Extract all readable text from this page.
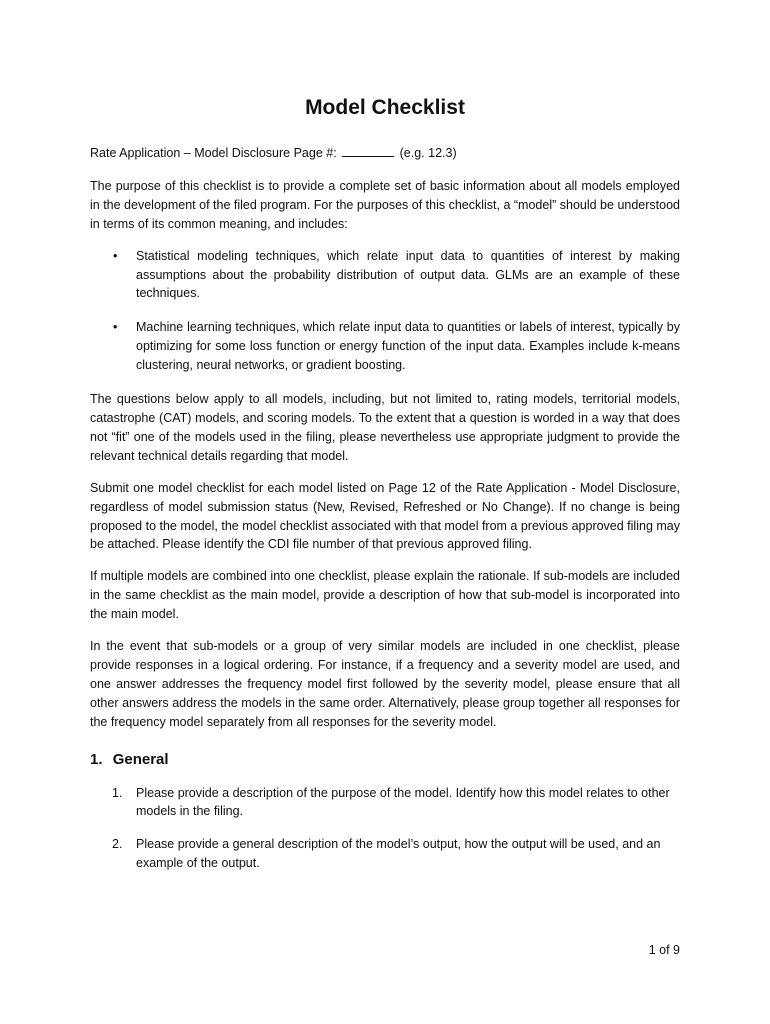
Model Checklist
Rate Application – Model Disclosure Page #:	(e.g. 12.3)

The purpose of this checklist is to provide a complete set of basic information about all models employed in the development of the filed program. For the purposes of this checklist, a “model” should be understood in terms of its common meaning, and includes:

• Statistical modeling techniques, which relate input data to quantities of interest by making assumptions about the probability distribution of output data. GLMs are an example of these techniques.
• Machine learning techniques, which relate input data to quantities or labels of interest, typically by optimizing for some loss function or energy function of the input data. Examples include k-means clustering, neural networks, or gradient boosting.

The questions below apply to all models, including, but not limited to, rating models, territorial models, catastrophe (CAT) models, and scoring models. To the extent that a question is worded in a way that does not “fit” one of the models used in the filing, please nevertheless use appropriate judgment to provide the relevant technical details regarding that model.

Submit one model checklist for each model listed on Page 12 of the Rate Application - Model Disclosure, regardless of model submission status (New, Revised, Refreshed or No Change). If no change is being proposed to the model, the model checklist associated with that model from a previous approved filing may be attached. Please identify the CDI file number of that previous approved filing.

If multiple models are combined into one checklist, please explain the rationale. If sub-models are included in the same checklist as the main model, provide a description of how that sub-model is incorporated into the main model.

In the event that sub-models or a group of very similar models are included in one checklist, please provide responses in a logical ordering. For instance, if a frequency and a severity model are used, and one answer addresses the frequency model first followed by the severity model, please ensure that all other answers address the models in the same order. Alternatively, please group together all responses for the frequency model separately from all responses for the severity model.

1. General
1. Please provide a description of the purpose of the model. Identify how this model relates to other models in the filing.
2. Please provide a general description of the model’s output, how the output will be used, and an example of the output.
1 of 9
